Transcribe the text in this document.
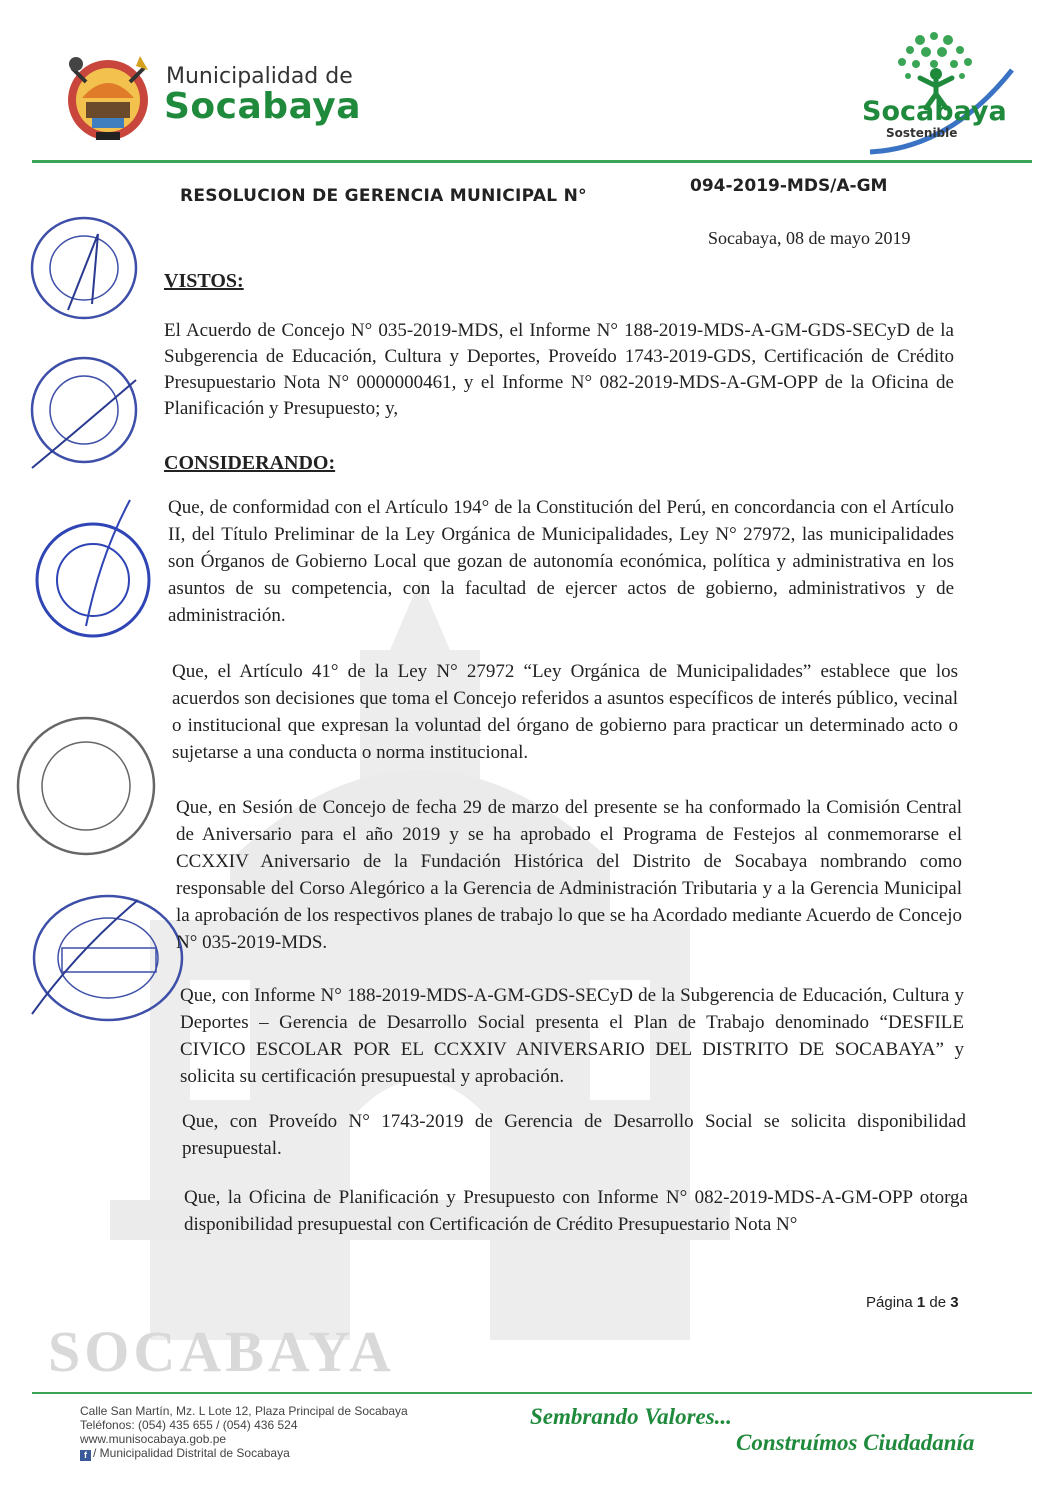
SOCABAYA
Municipalidad de
Socabaya	Socabaya
Sostenible
RESOLUCION DE GERENCIA MUNICIPAL N°	094-2019-MDS/A-GM
Socabaya, 08 de mayo 2019
VISTOS:
El Acuerdo de Concejo N° 035-2019-MDS, el Informe N° 188-2019-MDS-A-GM-GDS-SECyD de la Subgerencia de Educación, Cultura y Deportes, Proveído 1743-2019-GDS, Certificación de Crédito Presupuestario Nota N° 0000000461, y el Informe N° 082-2019-MDS-A-GM-OPP de la Oficina de Planificación y Presupuesto; y,
CONSIDERANDO:
Que, de conformidad con el Artículo 194° de la Constitución del Perú, en concordancia con el Artículo II, del Título Preliminar de la Ley Orgánica de Municipalidades, Ley N° 27972, las municipalidades son Órganos de Gobierno Local que gozan de autonomía económica, política y administrativa en los asuntos de su competencia, con la facultad de ejercer actos de gobierno, administrativos y de administración.
Que, el Artículo 41° de la Ley N° 27972 “Ley Orgánica de Municipalidades” establece que los acuerdos son decisiones que toma el Concejo referidos a asuntos específicos de interés público, vecinal o institucional que expresan la voluntad del órgano de gobierno para practicar un determinado acto o sujetarse a una conducta o norma institucional.
Que, en Sesión de Concejo de fecha 29 de marzo del presente se ha conformado la Comisión Central de Aniversario para el año 2019 y se ha aprobado el Programa de Festejos al conmemorarse el CCXXIV Aniversario de la Fundación Histórica del Distrito de Socabaya nombrando como responsable del Corso Alegórico a la Gerencia de Administración Tributaria y a la Gerencia Municipal la aprobación de los respectivos planes de trabajo lo que se ha Acordado mediante Acuerdo de Concejo N° 035-2019-MDS.
Que, con Informe N° 188-2019-MDS-A-GM-GDS-SECyD de la Subgerencia de Educación, Cultura y Deportes – Gerencia de Desarrollo Social presenta el Plan de Trabajo denominado “DESFILE CIVICO ESCOLAR POR EL CCXXIV ANIVERSARIO DEL DISTRITO DE SOCABAYA” y solicita su certificación presupuestal y aprobación.
Que, con Proveído N° 1743-2019 de Gerencia de Desarrollo Social se solicita disponibilidad presupuestal.
Que, la Oficina de Planificación y Presupuesto con Informe N° 082-2019-MDS-A-GM-OPP otorga disponibilidad presupuestal con Certificación de Crédito Presupuestario Nota N°
Página 1 de 3
Calle San Martín, Mz. L Lote 12, Plaza Principal de Socabaya
Teléfonos: (054) 435 655 / (054) 436 524
www.munisocabaya.gob.pe
f / Municipalidad Distrital de Socabaya
Sembrando Valores...
Construímos Ciudadanía
